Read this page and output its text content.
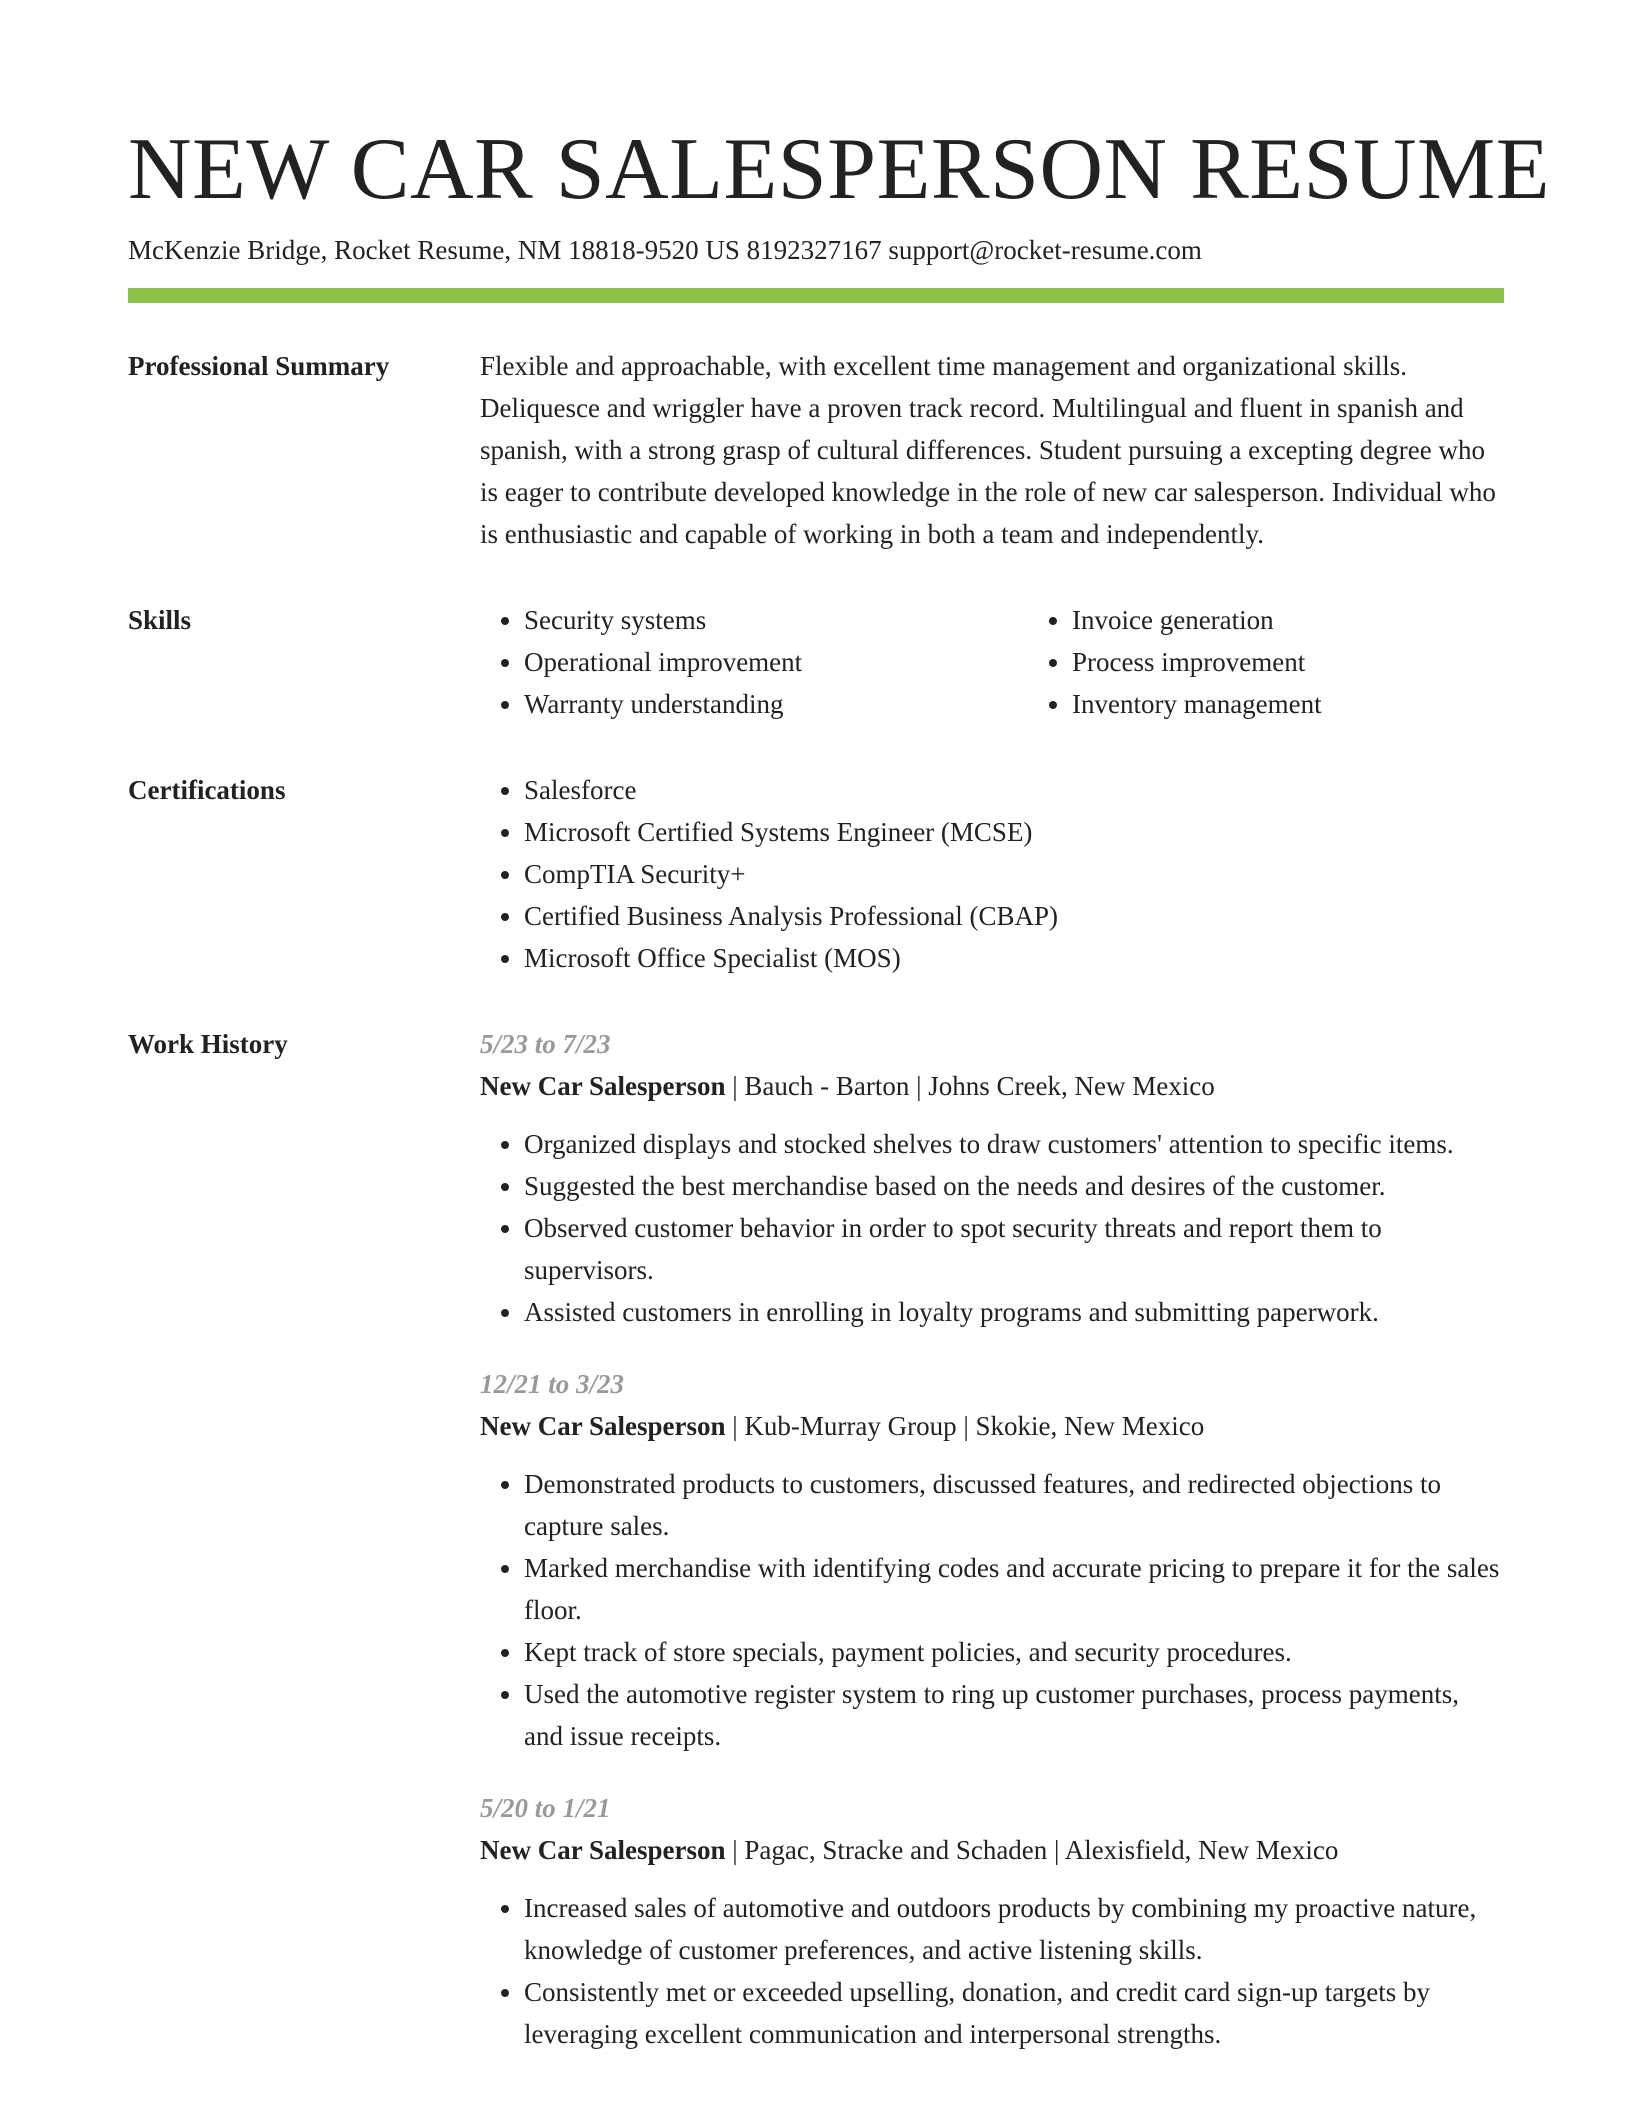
NEW CAR SALESPERSON RESUME
McKenzie Bridge, Rocket Resume, NM 18818-9520 US 8192327167 support@rocket-resume.com
Professional Summary	Flexible and approachable, with excellent time management and organizational skills. Deliquesce and wriggler have a proven track record. Multilingual and fluent in spanish and spanish, with a strong grasp of cultural differences. Student pursuing a excepting degree who is eager to contribute developed knowledge in the role of new car salesperson. Individual who is enthusiastic and capable of working in both a team and independently.

Skills	• Security systems
• Operational improvement
• Warranty understanding
• Invoice generation
• Process improvement
• Inventory management
Certifications	• Salesforce
• Microsoft Certified Systems Engineer (MCSE)
• CompTIA Security+
• Certified Business Analysis Professional (CBAP)
• Microsoft Office Specialist (MOS)
Work History	5/23 to 7/23
New Car Salesperson | Bauch - Barton | Johns Creek, New Mexico
• Organized displays and stocked shelves to draw customers' attention to specific items.
• Suggested the best merchandise based on the needs and desires of the customer.
• Observed customer behavior in order to spot security threats and report them to supervisors.
• Assisted customers in enrolling in loyalty programs and submitting paperwork.
12/21 to 3/23
New Car Salesperson | Kub-Murray Group | Skokie, New Mexico
• Demonstrated products to customers, discussed features, and redirected objections to capture sales.
• Marked merchandise with identifying codes and accurate pricing to prepare it for the sales floor.
• Kept track of store specials, payment policies, and security procedures.
• Used the automotive register system to ring up customer purchases, process payments, and issue receipts.
5/20 to 1/21
New Car Salesperson | Pagac, Stracke and Schaden | Alexisfield, New Mexico
• Increased sales of automotive and outdoors products by combining my proactive nature, knowledge of customer preferences, and active listening skills.
• Consistently met or exceeded upselling, donation, and credit card sign-up targets by leveraging excellent communication and interpersonal strengths.
